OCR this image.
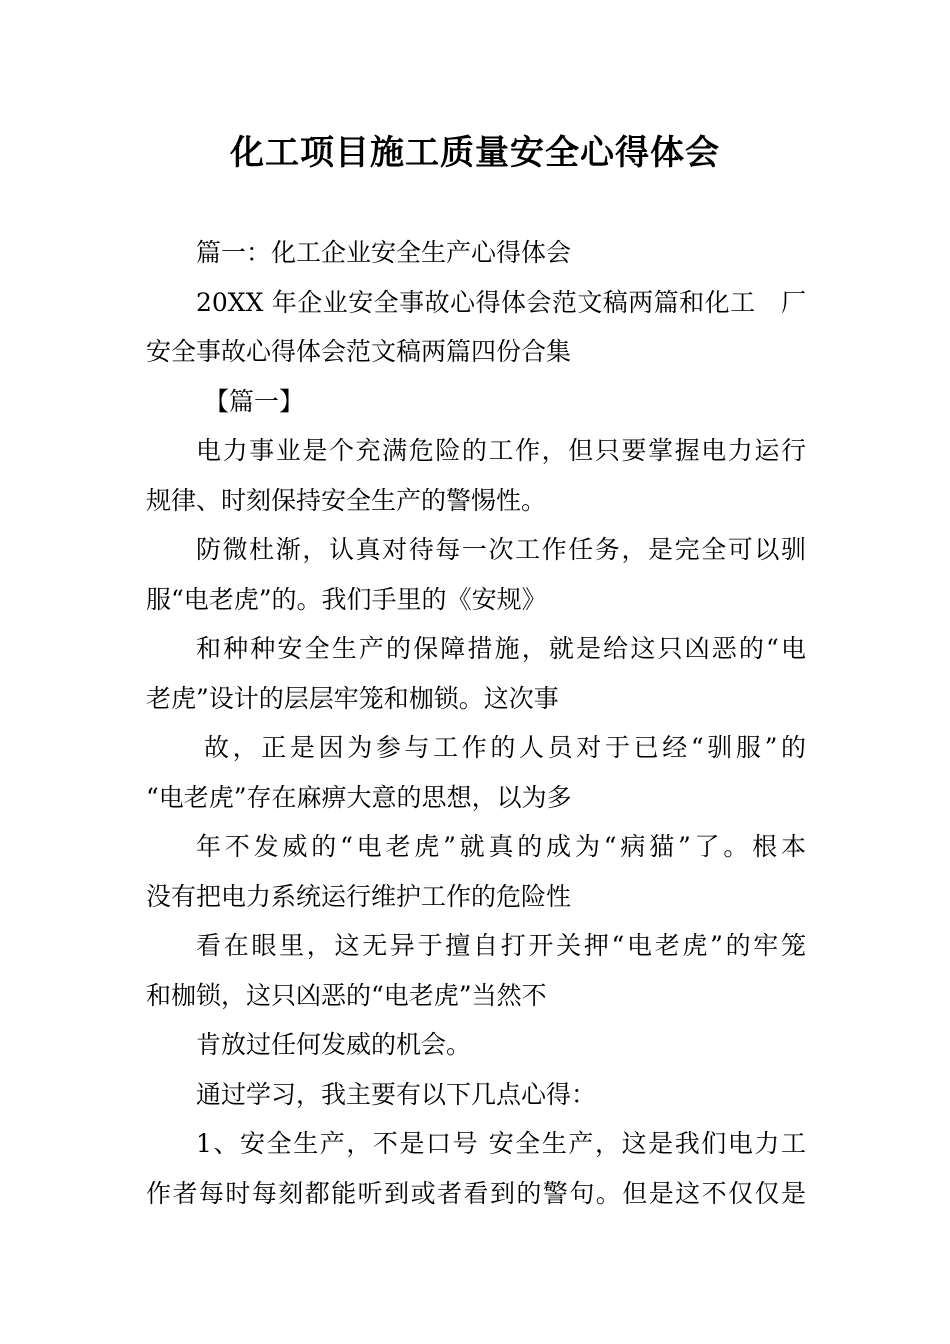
化工项目施工质量安全心得体会

篇一：化工企业安全生产心得体会

20XX 年企业安全事故心得体会范文稿两篇和化工　厂
安全事故心得体会范文稿两篇四份合集

【篇一】

电力事业是个充满危险的工作，但只要掌握电力运行
规律、时刻保持安全生产的警惕性。

防微杜渐，认真对待每一次工作任务，是完全可以驯
服“电老虎”的。我们手里的《安规》

和种种安全生产的保障措施，就是给这只凶恶的“电
老虎”设计的层层牢笼和枷锁。这次事

故，正是因为参与工作的人员对于已经“驯服”的
“电老虎”存在麻痹大意的思想，以为多

年不发威的“电老虎”就真的成为“病猫”了。根本
没有把电力系统运行维护工作的危险性

看在眼里，这无异于擅自打开关押“电老虎”的牢笼
和枷锁，这只凶恶的“电老虎”当然不

肯放过任何发威的机会。

通过学习，我主要有以下几点心得：

1、安全生产，不是口号 安全生产，这是我们电力工
作者每时每刻都能听到或者看到的警句。但是这不仅仅是
